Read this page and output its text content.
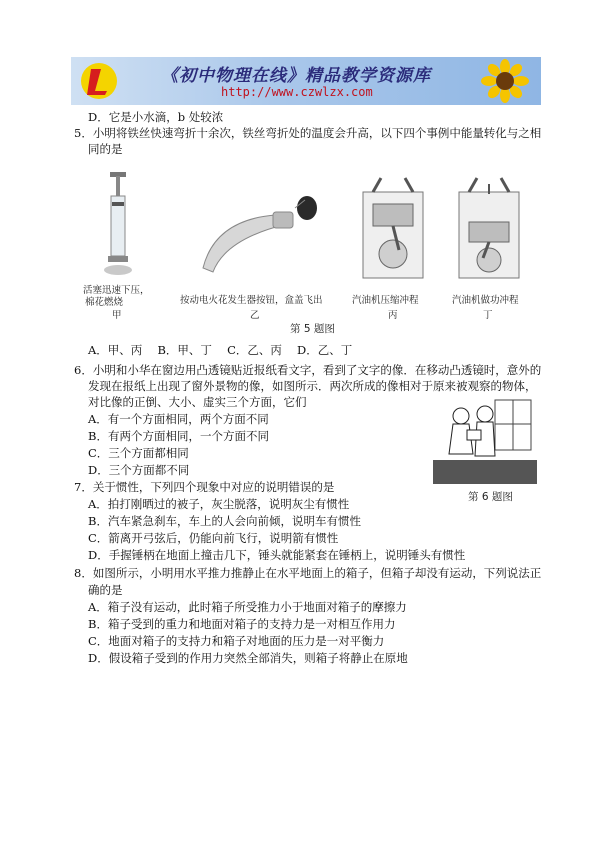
《初中物理在线》精品教学资源库
http://www.czwlzx.com
D．它是小水滴，b 处较浓
5．小明将铁丝快速弯折十余次，铁丝弯折处的温度会升高，以下四个事例中能量转化与之相
同的是
活塞迅速下压，
棉花燃烧
甲
按动电火花发生器按钮，盒盖飞出
乙
汽油机压缩冲程
丙
汽油机做功冲程
丁
第 5 题图
A．甲、丙　 B．甲、丁　 C．乙、丙　 D．乙、丁
6．小明和小华在窗边用凸透镜贴近报纸看文字，看到了文字的像．在移动凸透镜时，意外的
发现在报纸上出现了窗外景物的像，如图所示．两次所成的像相对于原来被观察的物体，
对比像的正倒、大小、虚实三个方面，它们
A．有一个方面相同，两个方面不同
B．有两个方面相同，一个方面不同
C．三个方面都相同
D．三个方面都不同
第 6 题图
7．关于惯性，下列四个现象中对应的说明错误的是
A．拍打刚晒过的被子，灰尘脱落，说明灰尘有惯性
B．汽车紧急刹车，车上的人会向前倾，说明车有惯性
C．箭离开弓弦后，仍能向前飞行，说明箭有惯性
D．手握锤柄在地面上撞击几下，锤头就能紧套在锤柄上，说明锤头有惯性
8．如图所示，小明用水平推力推静止在水平地面上的箱子，但箱子却没有运动，下列说法正
确的是
A．箱子没有运动，此时箱子所受推力小于地面对箱子的摩擦力
B．箱子受到的重力和地面对箱子的支持力是一对相互作用力
C．地面对箱子的支持力和箱子对地面的压力是一对平衡力
D．假设箱子受到的作用力突然全部消失，则箱子将静止在原地
